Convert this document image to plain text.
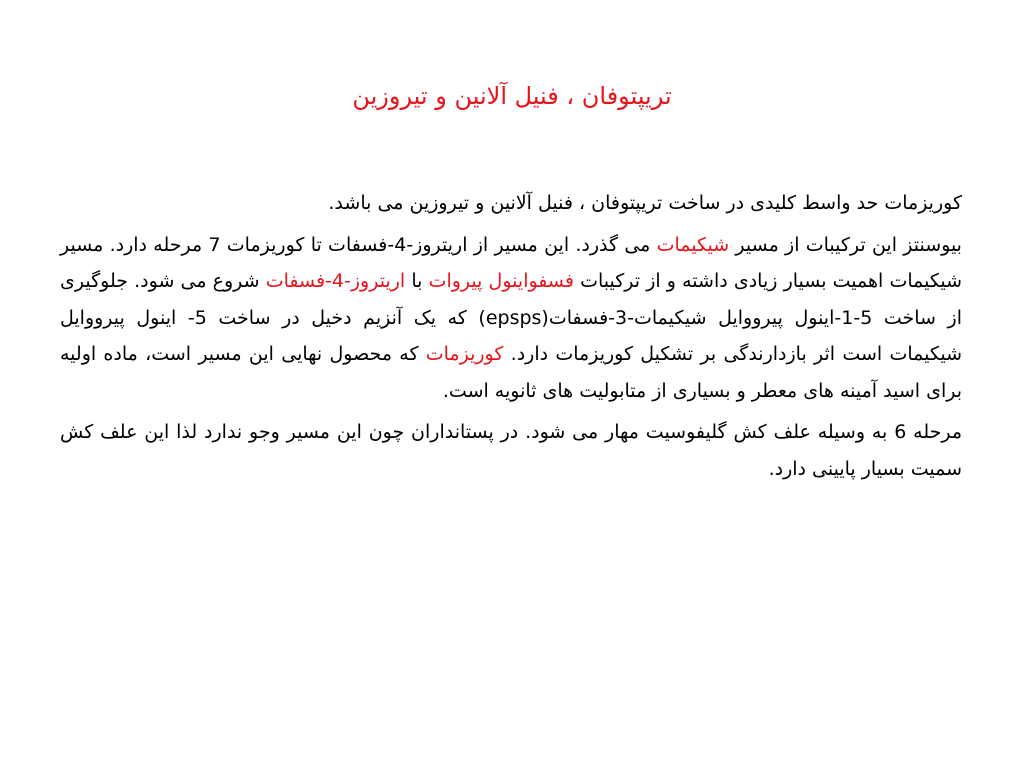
تریپتوفان ، فنیل آلانین و تیروزین

کوریزمات حد واسط کلیدی در ساخت تریپتوفان ، فنیل آلانین و تیروزین می باشد.

بیوسنتز این ترکیبات از مسیر شیکیمات می گذرد. این مسیر از اریتروز-4-فسفات تا کوریزمات 7 مرحله دارد. مسیر شیکیمات اهمیت بسیار زیادی داشته و از ترکیبات فسفواینول پیروات با اریتروز-4-فسفات شروع می شود. جلوگیری از ساخت 5-1-اینول پیرووایل شیکیمات-3-فسفات(epsps) که یک آنزیم دخیل در ساخت 5- اینول پیرووایل شیکیمات است اثر بازدارندگی بر تشکیل کوریزمات دارد. کوریزمات که محصول نهایی این مسیر است، ماده اولیه برای اسید آمینه های معطر و بسیاری از متابولیت های ثانویه است.

مرحله 6 به وسیله علف کش گلیفوسیت مهار می شود. در پستانداران چون این مسیر وجو ندارد لذا این علف کش سمیت بسیار پایینی دارد.
